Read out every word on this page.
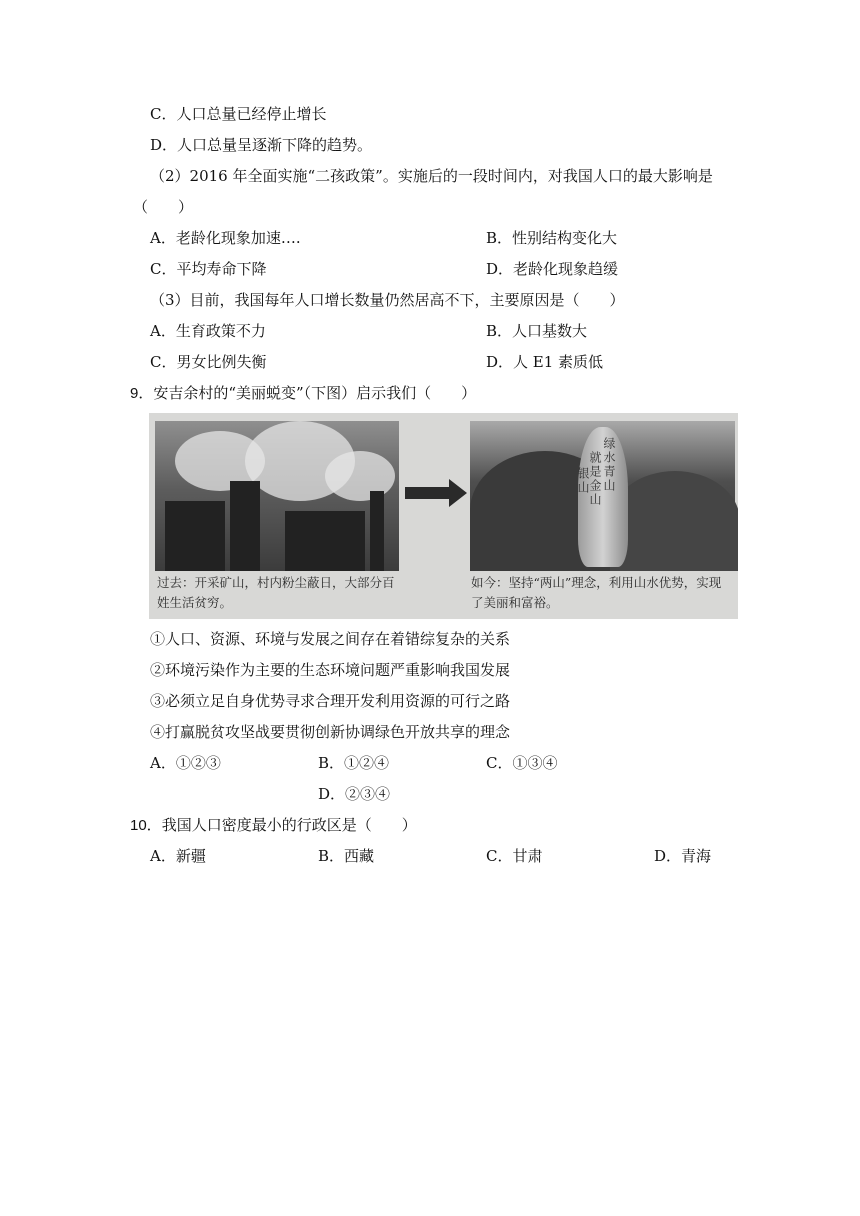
C．人口总量已经停止增长
D．人口总量呈逐渐下降的趋势。
（2）2016 年全面实施“二孩政策”。实施后的一段时间内，对我国人口的最大影响是
（　　）
A．老龄化现象加速….	B．性别结构变化大
C．平均寿命下降	D．老龄化现象趋缓
（3）目前，我国每年人口增长数量仍然居高不下，主要原因是（　　）
A．生育政策不力	B．人口基数大
C．男女比例失衡	D．人 E1 素质低
9．安吉余村的“美丽蜕变”（下图）启示我们（　　）
绿水青山
就是金山
银山
过去：开采矿山，村内粉尘蔽日，大部分百姓生活贫穷。
如今：坚持“两山”理念，利用山水优势，实现了美丽和富裕。
①人口、资源、环境与发展之间存在着错综复杂的关系
②环境污染作为主要的生态环境问题严重影响我国发展
③必须立足自身优势寻求合理开发利用资源的可行之路
④打赢脱贫攻坚战要贯彻创新协调绿色开放共享的理念
A．①②③	B．①②④	C．①③④
D．②③④
10．我国人口密度最小的行政区是（　　）
A．新疆	B．西藏	C．甘肃	D．青海
